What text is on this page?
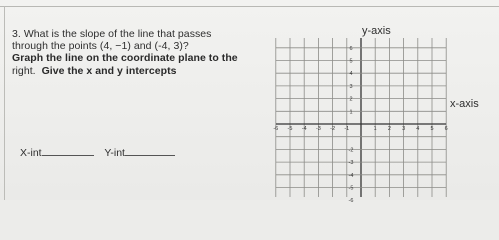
3. What is the slope of the line that passes
through the points (4, −1) and (-4, 3)?
Graph the line on the coordinate plane to the
right. Give the x and y intercepts
X-int	Y-int
y-axis
x-axis
-6 -5 -4 -3 -2 -1	1 2 3 4 5 6
6
5
4
3
2
1
-2
-3
-4
-5
-6
